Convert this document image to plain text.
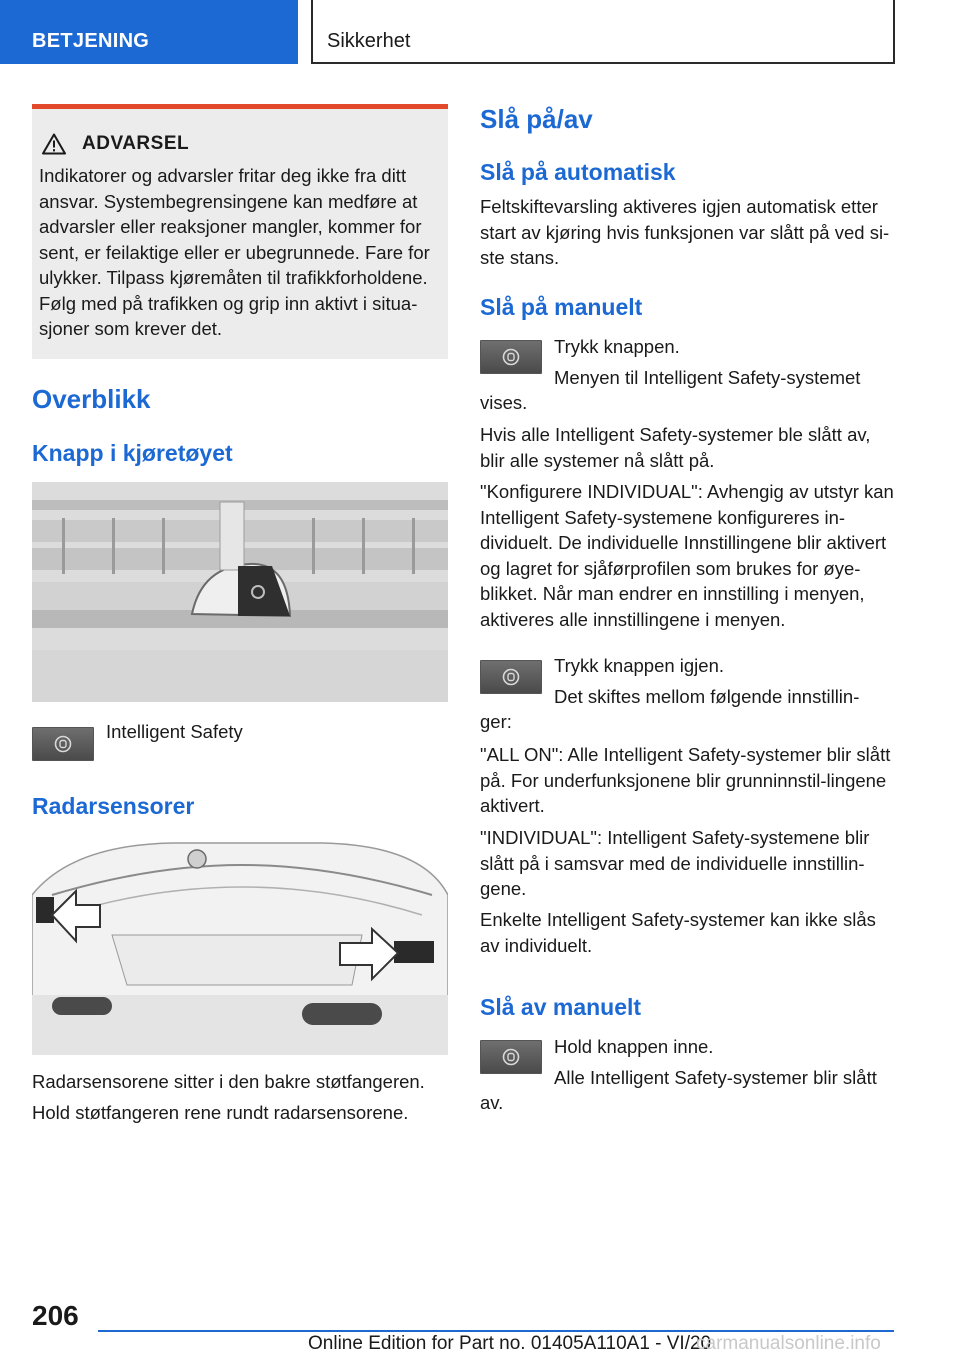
BETJENING	Sikkerhet
ADVARSEL
Indikatorer og advarsler fritar deg ikke fra ditt ansvar. Systembegrensingene kan medføre at advarsler eller reaksjoner mangler, kommer for sent, er feilaktige eller er ubegrunnede. Fare for ulykker. Tilpass kjøremåten til trafikkforholdene. Følg med på trafikken og grip inn aktivt i situa-sjoner som krever det.
Overblikk
Knapp i kjøretøyet
Intelligent Safety
Radarsensorer
Radarsensorene sitter i den bakre støtfangeren.
Hold støtfangeren rene rundt radarsensorene.
Slå på/av
Slå på automatisk
Feltskiftevarsling aktiveres igjen automatisk etter start av kjøring hvis funksjonen var slått på ved si-ste stans.
Slå på manuelt
Trykk knappen.
Menyen til Intelligent Safety-systemet
vises.
Hvis alle Intelligent Safety-systemer ble slått av, blir alle systemer nå slått på.
"Konfigurere INDIVIDUAL": Avhengig av utstyr kan Intelligent Safety-systemene konfigureres in-dividuelt. De individuelle Innstillingene blir aktivert og lagret for sjåførprofilen som brukes for øye-blikket. Når man endrer en innstilling i menyen, aktiveres alle innstillingene i menyen.
Trykk knappen igjen.
Det skiftes mellom følgende innstillin-
ger:
"ALL ON": Alle Intelligent Safety-systemer blir slått på. For underfunksjonene blir grunninnstil-lingene aktivert.
"INDIVIDUAL": Intelligent Safety-systemene blir slått på i samsvar med de individuelle innstillin-gene.
Enkelte Intelligent Safety-systemer kan ikke slås av individuelt.
Slå av manuelt
Hold knappen inne.
Alle Intelligent Safety-systemer blir slått
av.
206
Online Edition for Part no. 01405A110A1 - VI/20
carmanualsonline.info
